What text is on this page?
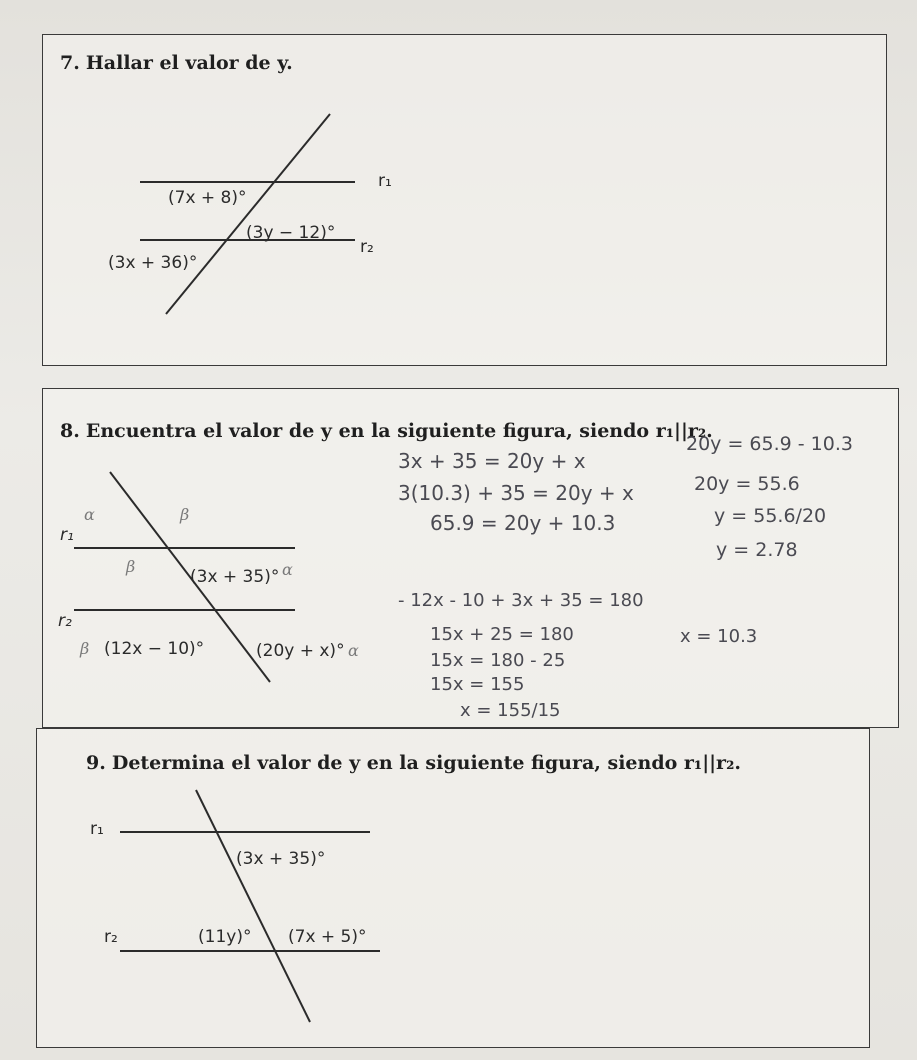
7. Hallar el valor de y.
r₁
r₂
(7x + 8)°
(3y − 12)°
(3x + 36)°
8. Encuentra el valor de y en la siguiente figura, siendo r₁||r₂.
r₁
r₂
(3x + 35)°
(12x − 10)°	(20y + x)°
α	β
β	α
β	α
3x + 35 = 20y + x
3(10.3) + 35 = 20y + x
65.9 = 20y + 10.3
- 12x - 10 + 3x + 35 = 180
15x + 25 = 180
15x = 180 - 25
15x = 155
x = 155/15
20y = 65.9 - 10.3
20y = 55.6
y = 55.6/20
y = 2.78
x = 10.3
9. Determina el valor de y en la siguiente figura, siendo r₁||r₂.
r₁
r₂
(3x + 35)°
(11y)° (7x + 5)°
